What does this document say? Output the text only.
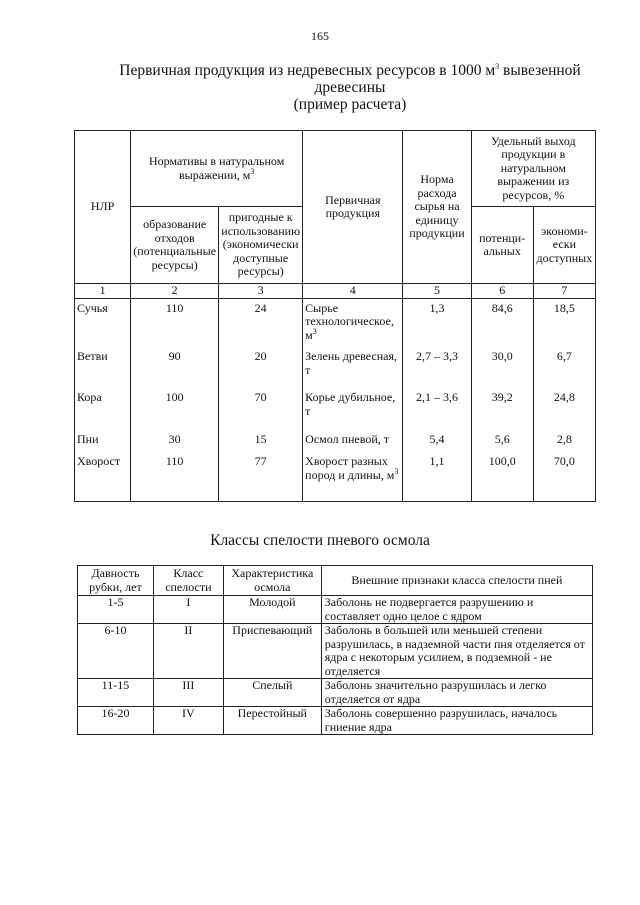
165
Первичная продукция из недревесных ресурсов в 1000 $м^3$ вывезенной
древесины
(пример расчета)
НЛР	Нормативы в натуральном выражении, $м^3$		Первичная продукция	Норма расхода сырья на единицу продукции	Удельный выход продукции в натуральном выражении из ресурсов, %	
	образование отходов (потенциальные ресурсы)	пригодные к использованию (экономически доступные ресурсы)			потенци-альных	экономи-ески доступных
1	2	3	4	5	6	7
Сучья	110	24	Сырье технологическое, $м^3$	1,3	84,6	18,5
Ветви	90	20	Зелень древесная, т	2,7 – 3,3	30,0	6,7
Кора	100	70	Корье дубильное, т	2,1 – 3,6	39,2	24,8
Пни	30	15	Осмол пневой, т	5,4	5,6	2,8
Хворост	110	77	Хворост разных пород и длины, $м^3$	1,1	100,0	70,0
Классы спелости пневого осмола
Давность рубки, лет	Класс спелости	Характеристика осмола	Внешние признаки класса спелости пней
1-5	I	Молодой	Заболонь не подвергается разрушению и составляет одно целое с ядром
6-10	II	Приспевающий	Заболонь в большей или меньшей степени разрушилась, в надземной части пня отделяется от ядра с некоторым усилием, в подземной - не отделяется
11-15	III	Спелый	Заболонь значительно разрушилась и легко отделяется от ядра
16-20	IV	Перестойный	Заболонь совершенно разрушилась, началось гниение ядра
